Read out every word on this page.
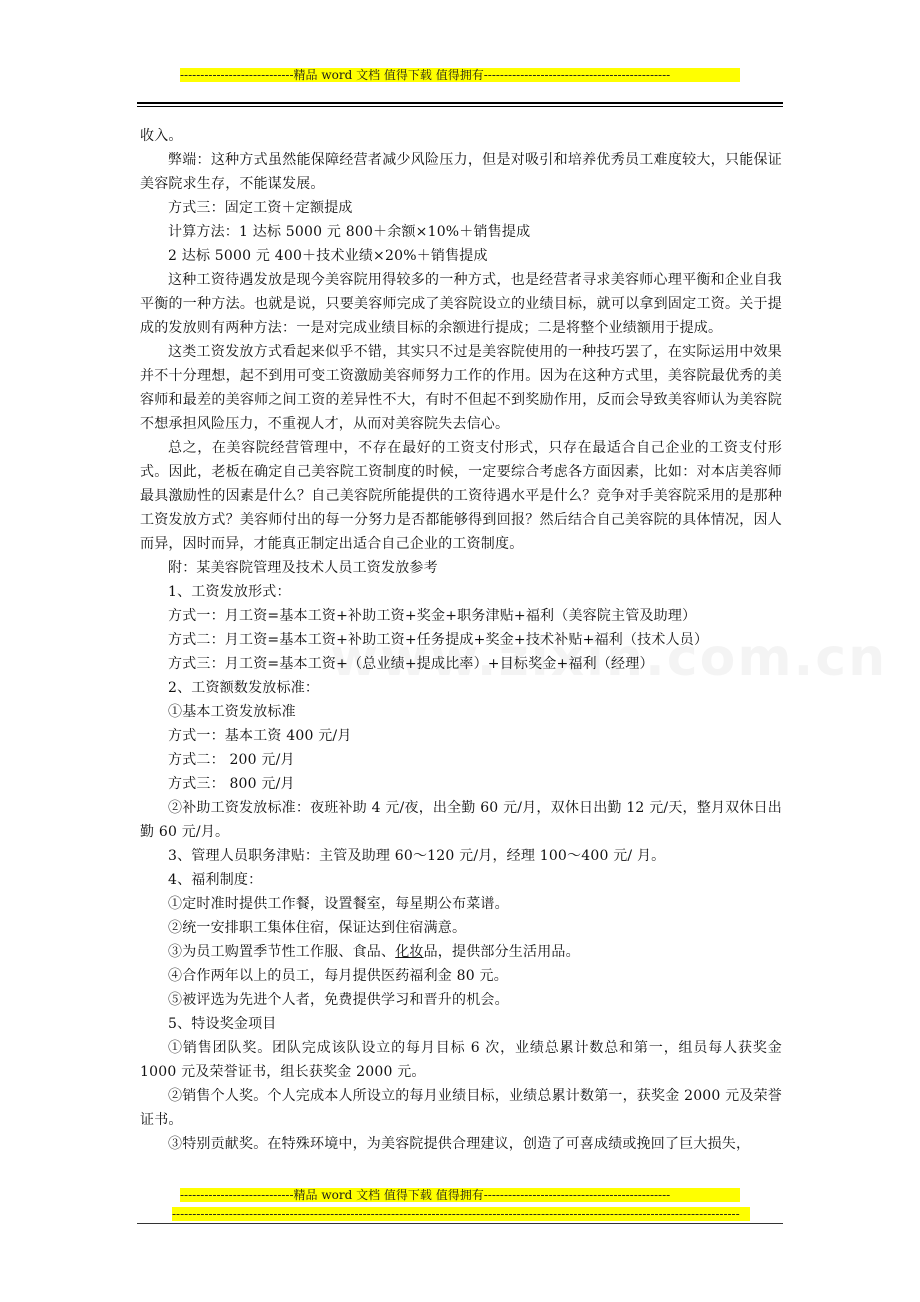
----------------------------精品 word 文档 值得下载 值得拥有----------------------------------------------

收入。

弊端：这种方式虽然能保障经营者减少风险压力，但是对吸引和培养优秀员工难度较大，只能保证美容院求生存，不能谋发展。

方式三：固定工资＋定额提成

计算方法：1 达标 5000 元 800＋余额×10%＋销售提成

2 达标 5000 元 400＋技术业绩×20%＋销售提成

这种工资待遇发放是现今美容院用得较多的一种方式，也是经营者寻求美容师心理平衡和企业自我平衡的一种方法。也就是说，只要美容师完成了美容院设立的业绩目标，就可以拿到固定工资。关于提成的发放则有两种方法：一是对完成业绩目标的余额进行提成；二是将整个业绩额用于提成。

这类工资发放方式看起来似乎不错，其实只不过是美容院使用的一种技巧罢了，在实际运用中效果并不十分理想，起不到用可变工资激励美容师努力工作的作用。因为在这种方式里，美容院最优秀的美容师和最差的美容师之间工资的差异性不大，有时不但起不到奖励作用，反而会导致美容师认为美容院不想承担风险压力，不重视人才，从而对美容院失去信心。

总之，在美容院经营管理中，不存在最好的工资支付形式，只存在最适合自己企业的工资支付形式。因此，老板在确定自己美容院工资制度的时候，一定要综合考虑各方面因素，比如：对本店美容师最具激励性的因素是什么？自己美容院所能提供的工资待遇水平是什么？竞争对手美容院采用的是那种工资发放方式？美容师付出的每一分努力是否都能够得到回报？然后结合自己美容院的具体情况，因人而异，因时而异，才能真正制定出适合自己企业的工资制度。

附：某美容院管理及技术人员工资发放参考

1、工资发放形式：

方式一：月工资=基本工资+补助工资+奖金+职务津贴+福利（美容院主管及助理）

方式二：月工资=基本工资+补助工资+任务提成+奖金+技术补贴+福利（技术人员）

方式三：月工资=基本工资+（总业绩+提成比率）+目标奖金+福利（经理）

2、工资额数发放标准：

①基本工资发放标准

方式一：基本工资 400 元/月

方式二： 200 元/月

方式三： 800 元/月

②补助工资发放标准：夜班补助 4 元/夜，出全勤 60 元/月，双休日出勤 12 元/天，整月双休日出勤 60 元/月。

3、管理人员职务津贴：主管及助理 60～120 元/月，经理 100～400 元/ 月。

4、福利制度：

①定时准时提供工作餐，设置餐室，每星期公布菜谱。

②统一安排职工集体住宿，保证达到住宿满意。

③为员工购置季节性工作服、食品、化妆品，提供部分生活用品。

④合作两年以上的员工，每月提供医药福利金 80 元。

⑤被评选为先进个人者，免费提供学习和晋升的机会。

5、特设奖金项目

①销售团队奖。团队完成该队设立的每月目标 6 次，业绩总累计数总和第一，组员每人获奖金 1000 元及荣誉证书，组长获奖金 2000 元。

②销售个人奖。个人完成本人所设立的每月业绩目标，业绩总累计数第一，获奖金 2000 元及荣誉证书。

③特别贡献奖。在特殊环境中，为美容院提供合理建议，创造了可喜成绩或挽回了巨大损失，

----------------------------精品 word 文档 值得下载 值得拥有----------------------------------------------
--------------------------------------------------------------------------------------------------------------------------------------------
